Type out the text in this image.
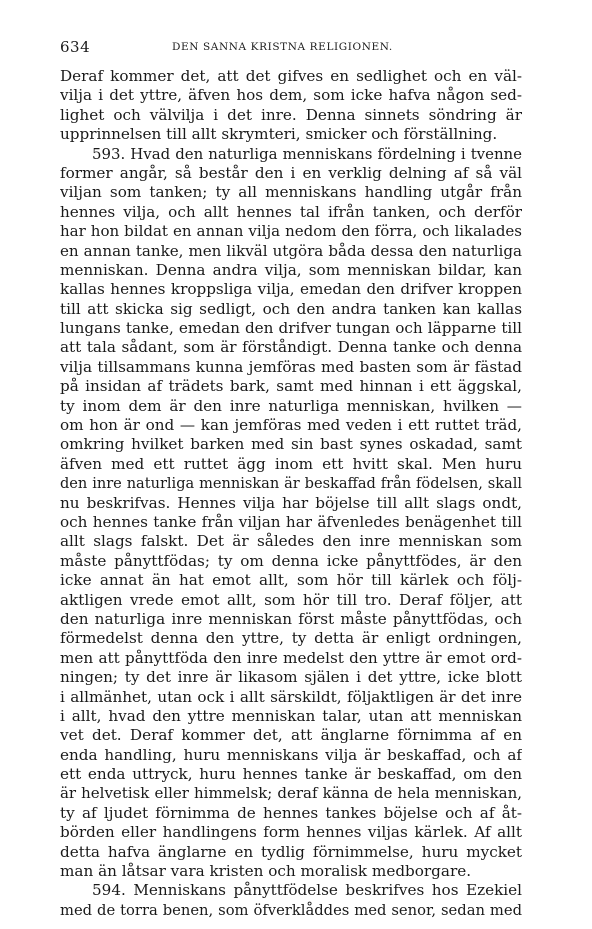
634	DEN SANNA KRISTNA RELIGIONEN.
Deraf kommer det, att det gifves en sedlighet och en väl-
vilja i det yttre, äfven hos dem, som icke hafva någon sed-
lighet och välvilja i det inre. Denna sinnets söndring är
upprinnelsen till allt skrymteri, smicker och förställning.
593. Hvad den naturliga menniskans fördelning i tvenne
former angår, så består den i en verklig delning af så väl
viljan som tanken; ty all menniskans handling utgår från
hennes vilja, och allt hennes tal ifrån tanken, och derför
har hon bildat en annan vilja nedom den förra, och likalades
en annan tanke, men likväl utgöra båda dessa den naturliga
menniskan. Denna andra vilja, som menniskan bildar, kan
kallas hennes kroppsliga vilja, emedan den drifver kroppen
till att skicka sig sedligt, och den andra tanken kan kallas
lungans tanke, emedan den drifver tungan och läpparne till
att tala sådant, som är förståndigt. Denna tanke och denna
vilja tillsammans kunna jemföras med basten som är fästad
på insidan af trädets bark, samt med hinnan i ett äggskal,
ty inom dem är den inre naturliga menniskan, hvilken —
om hon är ond — kan jemföras med veden i ett ruttet träd,
omkring hvilket barken med sin bast synes oskadad, samt
äfven med ett ruttet ägg inom ett hvitt skal. Men huru
den inre naturliga menniskan är beskaffad från födelsen, skall
nu beskrifvas. Hennes vilja har böjelse till allt slags ondt,
och hennes tanke från viljan har äfvenledes benägenhet till
allt slags falskt. Det är således den inre menniskan som
måste pånyttfödas; ty om denna icke pånyttfödes, är den
icke annat än hat emot allt, som hör till kärlek och följ-
aktligen vrede emot allt, som hör till tro. Deraf följer, att
den naturliga inre menniskan först måste pånyttfödas, och
förmedelst denna den yttre, ty detta är enligt ordningen,
men att pånyttföda den inre medelst den yttre är emot ord-
ningen; ty det inre är likasom själen i det yttre, icke blott
i allmänhet, utan ock i allt särskildt, följaktligen är det inre
i allt, hvad den yttre menniskan talar, utan att menniskan
vet det. Deraf kommer det, att änglarne förnimma af en
enda handling, huru menniskans vilja är beskaffad, och af
ett enda uttryck, huru hennes tanke är beskaffad, om den
är helvetisk eller himmelsk; deraf känna de hela menniskan,
ty af ljudet förnimma de hennes tankes böjelse och af åt-
börden eller handlingens form hennes viljas kärlek. Af allt
detta hafva änglarne en tydlig förnimmelse, huru mycket
man än låtsar vara kristen och moralisk medborgare.
594. Menniskans pånyttfödelse beskrifves hos Ezekiel
med de torra benen, som öfverklåddes med senor, sedan med
